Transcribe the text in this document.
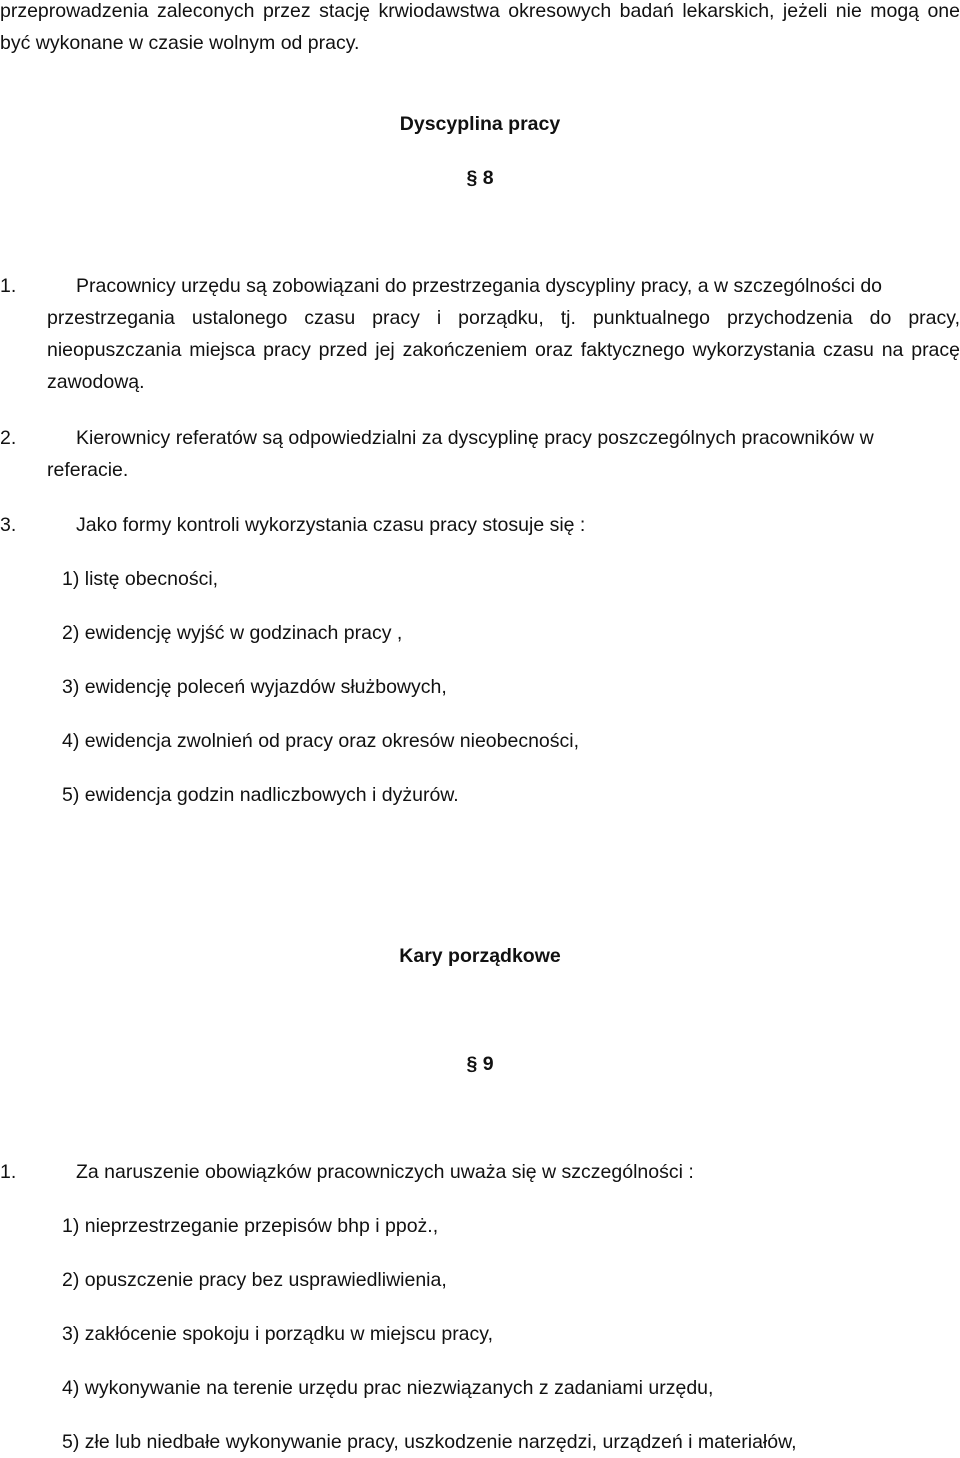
przeprowadzenia zaleconych przez stację krwiodawstwa okresowych badań lekarskich, jeżeli nie mogą one być wykonane w czasie wolnym od pracy.
Dyscyplina pracy
§ 8
1.	Pracownicy urzędu są zobowiązani do przestrzegania dyscypliny pracy, a w szczególności do
przestrzegania ustalonego czasu pracy i porządku, tj. punktualnego przychodzenia do pracy, nieopuszczania miejsca pracy przed jej zakończeniem oraz faktycznego wykorzystania czasu na pracę zawodową.
2.	Kierownicy referatów są odpowiedzialni za dyscyplinę pracy poszczególnych pracowników w
referacie.
3.	Jako formy kontroli wykorzystania czasu pracy stosuje się :
1) listę obecności,
2) ewidencję wyjść w godzinach pracy ,
3) ewidencję poleceń wyjazdów służbowych,
4) ewidencja zwolnień od pracy oraz okresów nieobecności,
5) ewidencja godzin nadliczbowych i dyżurów.
Kary porządkowe
§ 9
1.	Za naruszenie obowiązków pracowniczych uważa się w szczególności :
1) nieprzestrzeganie przepisów bhp i ppoż.,
2) opuszczenie pracy bez usprawiedliwienia,
3) zakłócenie spokoju i porządku w miejscu pracy,
4) wykonywanie na terenie urzędu prac niezwiązanych z zadaniami urzędu,
5) złe lub niedbałe wykonywanie pracy, uszkodzenie narzędzi, urządzeń i materiałów,
